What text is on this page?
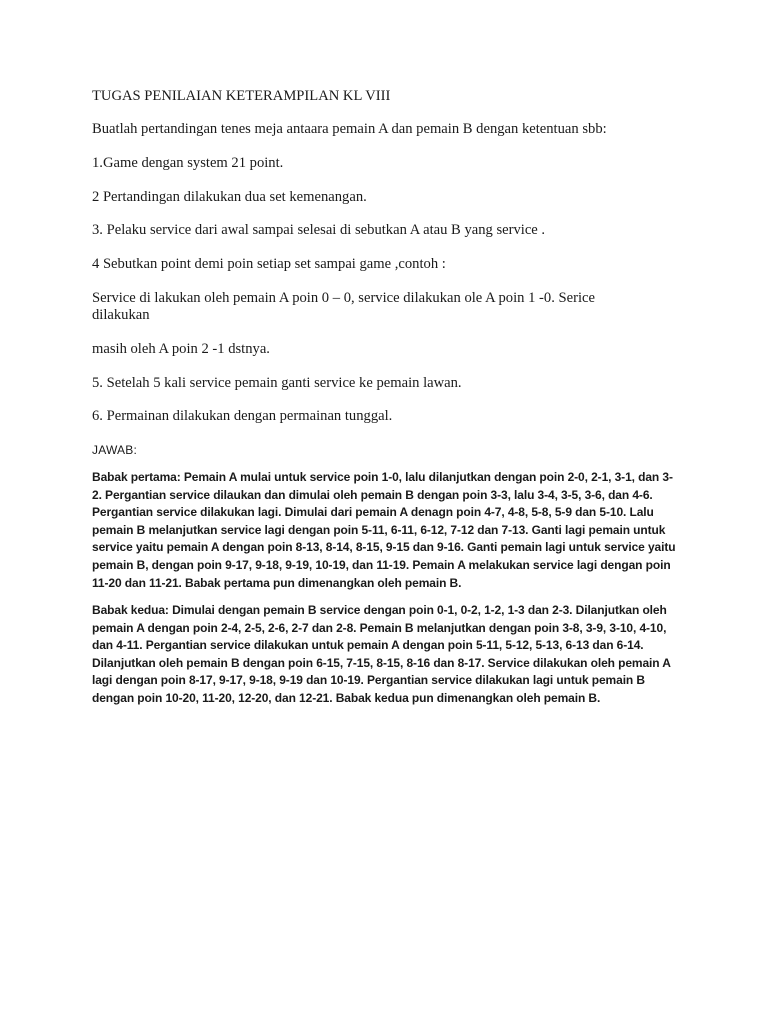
TUGAS PENILAIAN KETERAMPILAN KL VIII

Buatlah pertandingan tenes meja antaara pemain A dan pemain B dengan ketentuan sbb:

1.Game dengan system 21 point.

2 Pertandingan dilakukan dua set kemenangan.

3. Pelaku service dari awal sampai selesai di sebutkan A atau B yang service .

4 Sebutkan point demi poin setiap set sampai game ,contoh :

Service di lakukan oleh pemain A poin 0 – 0, service dilakukan ole A poin 1 -0. Serice dilakukan

masih oleh A poin 2 -1 dstnya.

5. Setelah 5 kali service pemain ganti service ke pemain lawan.

6. Permainan dilakukan dengan permainan tunggal.

JAWAB:

Babak pertama: Pemain A mulai untuk service poin 1-0, lalu dilanjutkan dengan poin 2-0, 2-1, 3-1, dan 3-2. Pergantian service dilaukan dan dimulai oleh pemain B dengan poin 3-3, lalu 3-4, 3-5, 3-6, dan 4-6. Pergantian service dilakukan lagi. Dimulai dari pemain A denagn poin 4-7, 4-8, 5-8, 5-9 dan 5-10. Lalu pemain B melanjutkan service lagi dengan poin 5-11, 6-11, 6-12, 7-12 dan 7-13. Ganti lagi pemain untuk service yaitu pemain A dengan poin 8-13, 8-14, 8-15, 9-15 dan 9-16. Ganti pemain lagi untuk service yaitu pemain B, dengan poin 9-17, 9-18, 9-19, 10-19, dan 11-19. Pemain A melakukan service lagi dengan poin 11-20 dan 11-21. Babak pertama pun dimenangkan oleh pemain B.

Babak kedua: Dimulai dengan pemain B service dengan poin 0-1, 0-2, 1-2, 1-3 dan 2-3. Dilanjutkan oleh pemain A dengan poin 2-4, 2-5, 2-6, 2-7 dan 2-8. Pemain B melanjutkan dengan poin 3-8, 3-9, 3-10, 4-10, dan 4-11. Pergantian service dilakukan untuk pemain A dengan poin 5-11, 5-12, 5-13, 6-13 dan 6-14. Dilanjutkan oleh pemain B dengan poin 6-15, 7-15, 8-15, 8-16 dan 8-17. Service dilakukan oleh pemain A lagi dengan poin 8-17, 9-17, 9-18, 9-19 dan 10-19. Pergantian service dilakukan lagi untuk pemain B dengan poin 10-20, 11-20, 12-20, dan 12-21. Babak kedua pun dimenangkan oleh pemain B.
